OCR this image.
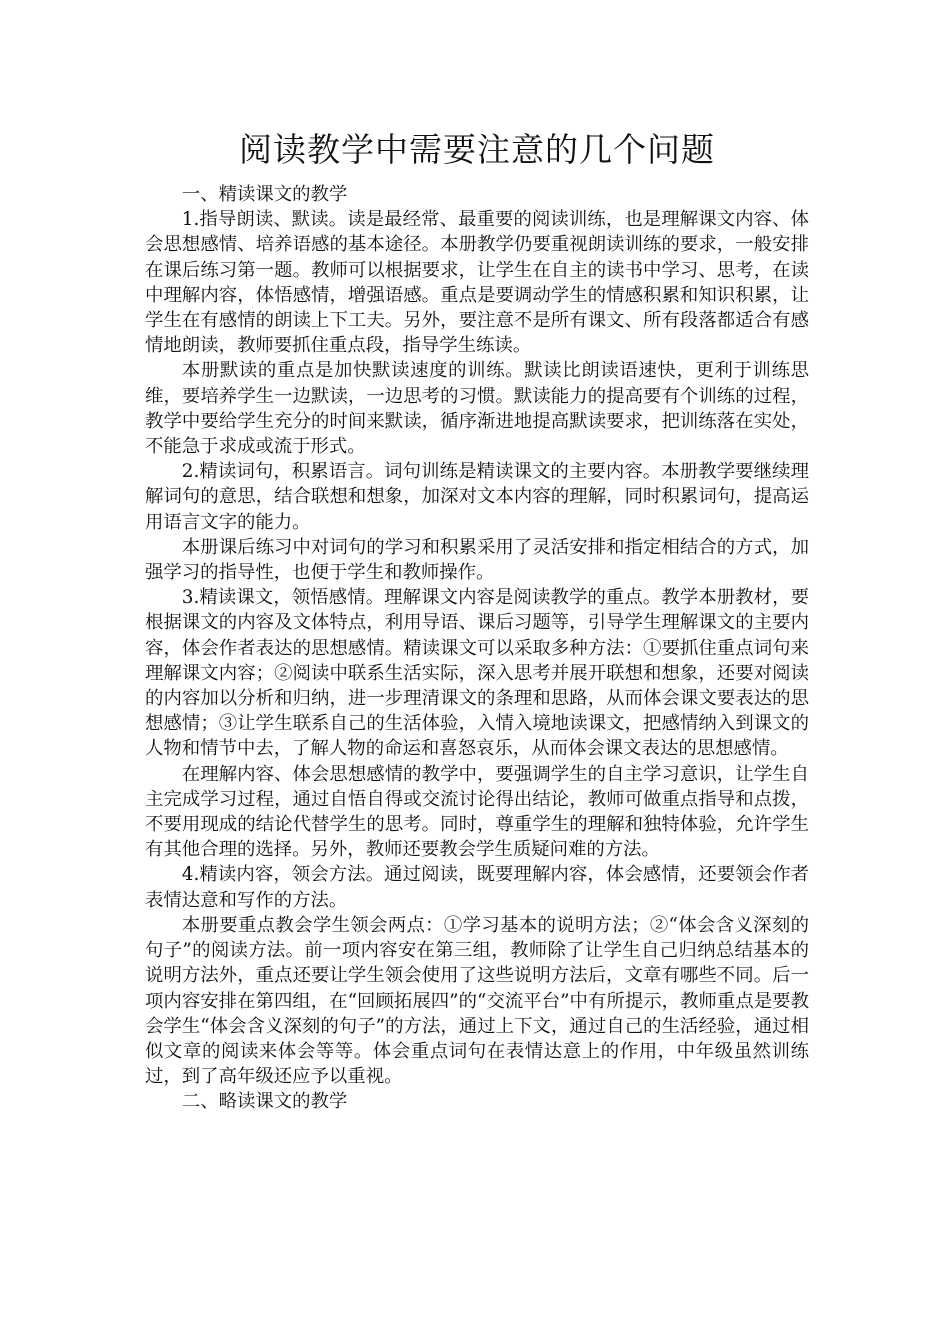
阅读教学中需要注意的几个问题

一、精读课文的教学

1.指导朗读、默读。读是最经常、最重要的阅读训练，也是理解课文内容、体会思想感情、培养语感的基本途径。本册教学仍要重视朗读训练的要求，一般安排在课后练习第一题。教师可以根据要求，让学生在自主的读书中学习、思考，在读中理解内容，体悟感情，增强语感。重点是要调动学生的情感积累和知识积累，让学生在有感情的朗读上下工夫。另外，要注意不是所有课文、所有段落都适合有感情地朗读，教师要抓住重点段，指导学生练读。

本册默读的重点是加快默读速度的训练。默读比朗读语速快，更利于训练思维，要培养学生一边默读，一边思考的习惯。默读能力的提高要有个训练的过程，教学中要给学生充分的时间来默读，循序渐进地提高默读要求，把训练落在实处，不能急于求成或流于形式。

2.精读词句，积累语言。词句训练是精读课文的主要内容。本册教学要继续理解词句的意思，结合联想和想象，加深对文本内容的理解，同时积累词句，提高运用语言文字的能力。

本册课后练习中对词句的学习和积累采用了灵活安排和指定相结合的方式，加强学习的指导性，也便于学生和教师操作。

3.精读课文，领悟感情。理解课文内容是阅读教学的重点。教学本册教材，要根据课文的内容及文体特点，利用导语、课后习题等，引导学生理解课文的主要内容，体会作者表达的思想感情。精读课文可以采取多种方法：①要抓住重点词句来理解课文内容；②阅读中联系生活实际，深入思考并展开联想和想象，还要对阅读的内容加以分析和归纳，进一步理清课文的条理和思路，从而体会课文要表达的思想感情；③让学生联系自己的生活体验，入情入境地读课文，把感情纳入到课文的人物和情节中去，了解人物的命运和喜怒哀乐，从而体会课文表达的思想感情。

在理解内容、体会思想感情的教学中，要强调学生的自主学习意识，让学生自主完成学习过程，通过自悟自得或交流讨论得出结论，教师可做重点指导和点拨，不要用现成的结论代替学生的思考。同时，尊重学生的理解和独特体验，允许学生有其他合理的选择。另外，教师还要教会学生质疑问难的方法。

4.精读内容，领会方法。通过阅读，既要理解内容，体会感情，还要领会作者表情达意和写作的方法。

本册要重点教会学生领会两点：①学习基本的说明方法；②“体会含义深刻的句子”的阅读方法。前一项内容安在第三组，教师除了让学生自己归纳总结基本的说明方法外，重点还要让学生领会使用了这些说明方法后，文章有哪些不同。后一项内容安排在第四组，在“回顾拓展四”的“交流平台”中有所提示，教师重点是要教会学生“体会含义深刻的句子”的方法，通过上下文，通过自己的生活经验，通过相似文章的阅读来体会等等。体会重点词句在表情达意上的作用，中年级虽然训练过，到了高年级还应予以重视。

二、略读课文的教学
